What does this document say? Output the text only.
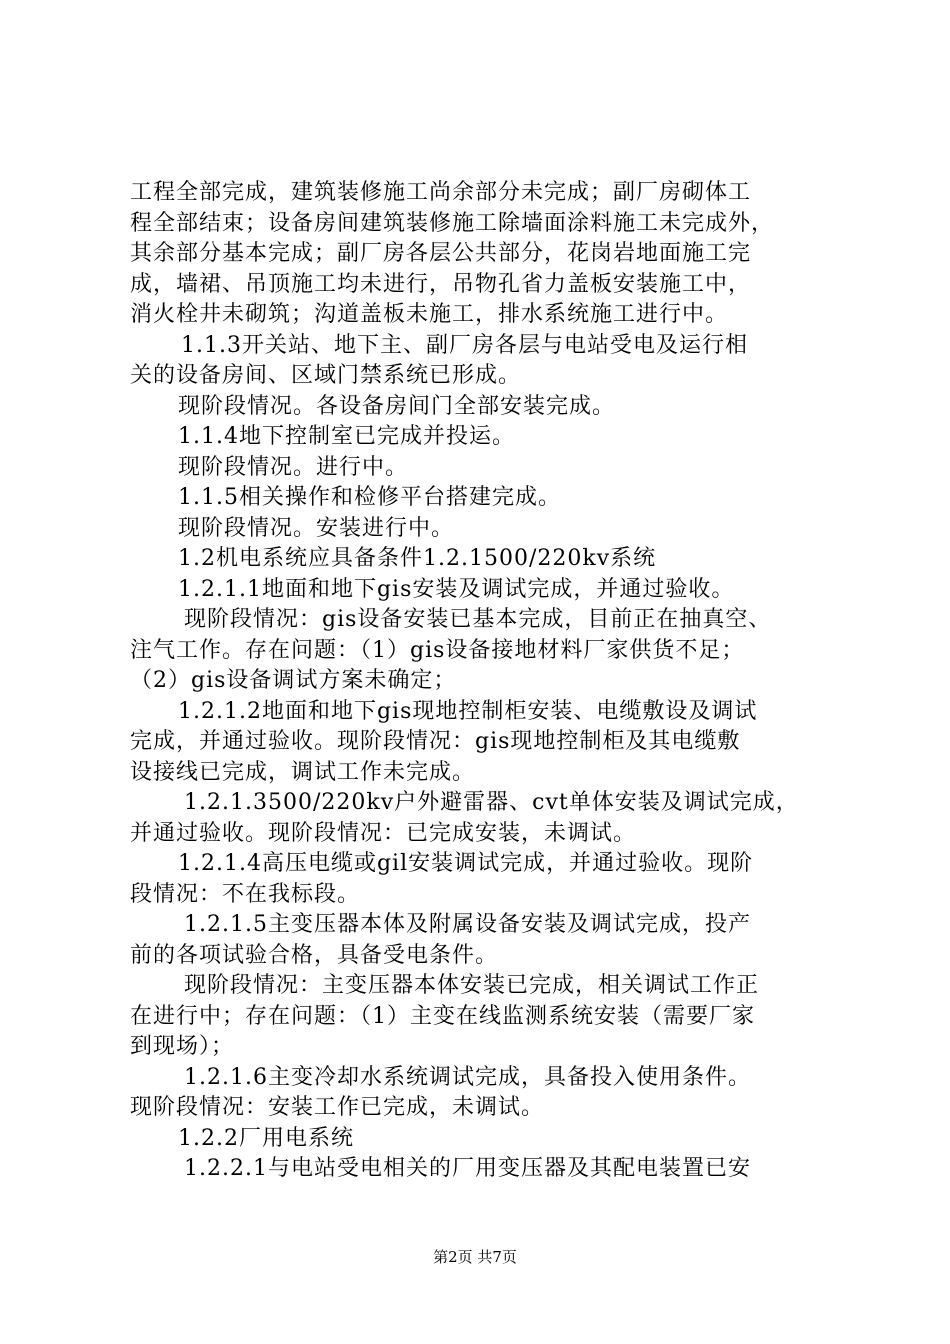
工程全部完成，建筑装修施工尚余部分未完成；副厂房砌体工
程全部结束；设备房间建筑装修施工除墙面涂料施工未完成外，
其余部分基本完成；副厂房各层公共部分，花岗岩地面施工完
成，墙裙、吊顶施工均未进行，吊物孔省力盖板安装施工中，
消火栓井未砌筑；沟道盖板未施工，排水系统施工进行中。
1.1.3开关站、地下主、副厂房各层与电站受电及运行相
关的设备房间、区域门禁系统已形成。
现阶段情况。各设备房间门全部安装完成。
1.1.4地下控制室已完成并投运。
现阶段情况。进行中。
1.1.5相关操作和检修平台搭建完成。
现阶段情况。安装进行中。
1.2机电系统应具备条件1.2.1500/220kv系统
1.2.1.1地面和地下gis安装及调试完成，并通过验收。
现阶段情况：gis设备安装已基本完成，目前正在抽真空、
注气工作。存在问题：（1）gis设备接地材料厂家供货不足；
（2）gis设备调试方案未确定；
1.2.1.2地面和地下gis现地控制柜安装、电缆敷设及调试
完成，并通过验收。现阶段情况：gis现地控制柜及其电缆敷
设接线已完成，调试工作未完成。
1.2.1.3500/220kv户外避雷器、cvt单体安装及调试完成，
并通过验收。现阶段情况：已完成安装，未调试。
1.2.1.4高压电缆或gil安装调试完成，并通过验收。现阶
段情况：不在我标段。
1.2.1.5主变压器本体及附属设备安装及调试完成，投产
前的各项试验合格，具备受电条件。
现阶段情况：主变压器本体安装已完成，相关调试工作正
在进行中；存在问题：（1）主变在线监测系统安装（需要厂家
到现场）；
1.2.1.6主变冷却水系统调试完成，具备投入使用条件。
现阶段情况：安装工作已完成，未调试。
1.2.2厂用电系统
1.2.2.1与电站受电相关的厂用变压器及其配电装置已安
第2页 共7页
